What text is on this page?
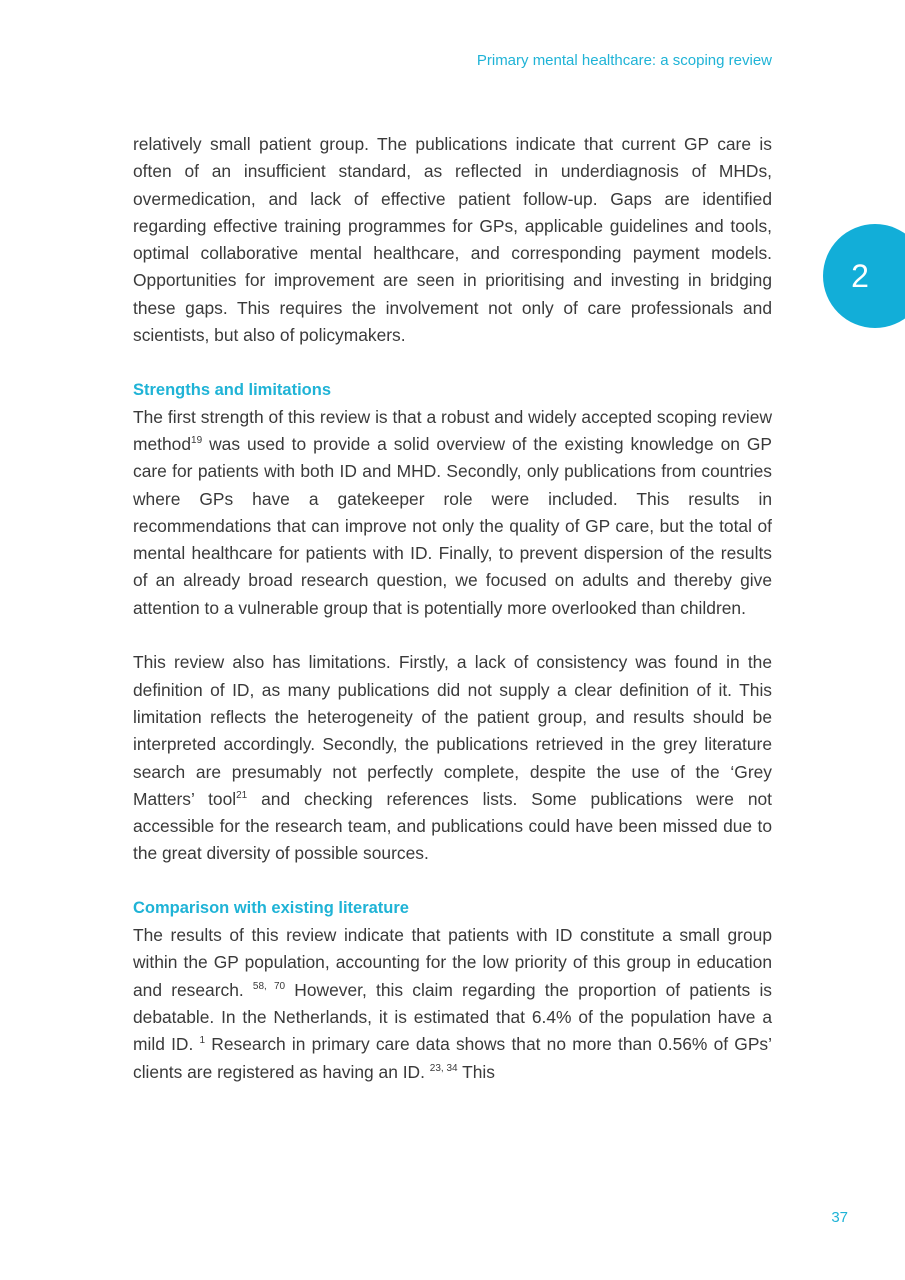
Primary mental healthcare: a scoping review
2

relatively small patient group. The publications indicate that current GP care is often of an insufficient standard, as reflected in underdiagnosis of MHDs, overmedication, and lack of effective patient follow-up. Gaps are identified regarding effective training programmes for GPs, applicable guidelines and tools, optimal collaborative mental healthcare, and corresponding payment models. Opportunities for improvement are seen in prioritising and investing in bridging these gaps. This requires the involvement not only of care professionals and scientists, but also of policymakers.

Strengths and limitations

The first strength of this review is that a robust and widely accepted scoping review method$^{19}$ was used to provide a solid overview of the existing knowledge on GP care for patients with both ID and MHD. Secondly, only publications from countries where GPs have a gatekeeper role were included. This results in recommendations that can improve not only the quality of GP care, but the total of mental healthcare for patients with ID. Finally, to prevent dispersion of the results of an already broad research question, we focused on adults and thereby give attention to a vulnerable group that is potentially more overlooked than children.

This review also has limitations. Firstly, a lack of consistency was found in the definition of ID, as many publications did not supply a clear definition of it. This limitation reflects the heterogeneity of the patient group, and results should be interpreted accordingly. Secondly, the publications retrieved in the grey literature search are presumably not perfectly complete, despite the use of the ‘Grey Matters’ tool$^{21}$ and checking references lists. Some publications were not accessible for the research team, and publications could have been missed due to the great diversity of possible sources.

Comparison with existing literature

The results of this review indicate that patients with ID constitute a small group within the GP population, accounting for the low priority of this group in education and research. $^{58, 70}$ However, this claim regarding the proportion of patients is debatable. In the Netherlands, it is estimated that 6.4% of the population have a mild ID. $^1$ Research in primary care data shows that no more than 0.56% of GPs’ clients are registered as having an ID. $^{23, 34}$ This

37
